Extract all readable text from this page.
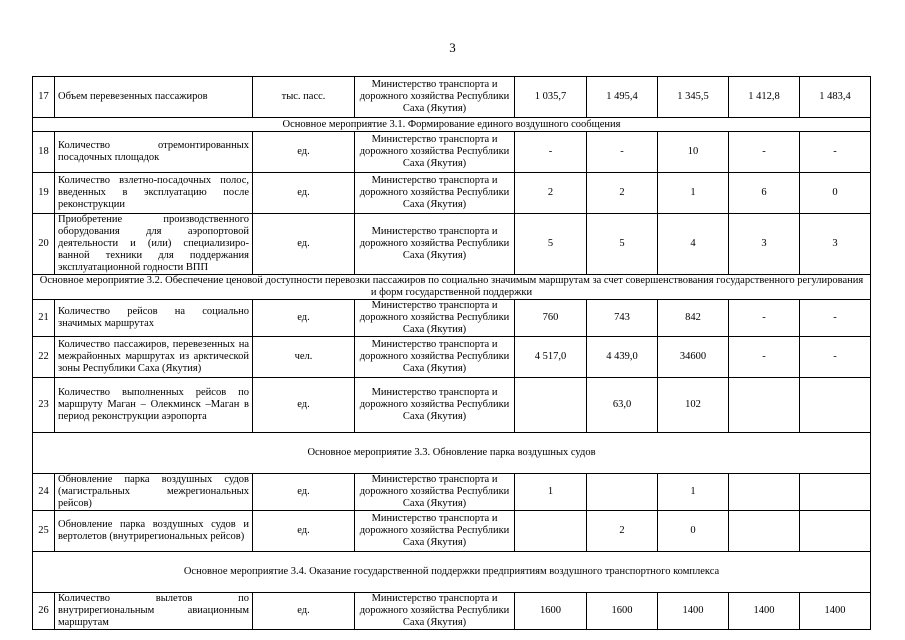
3
17	Объем перевезенных пассажиров	тыс. пасс.	Министерство транспорта и дорожного хозяйства Республики Саха (Якутия)	1 035,7	1 495,4	1 345,5	1 412,8	1 483,4
Основное мероприятие 3.1. Формирование единого воздушного сообщения								
18	Количество отремонтированных посадочных площадок	ед.	Министерство транспорта и дорожного хозяйства Республики Саха (Якутия)	-	-	10	-	-
19	Количество взлетно-посадочных полос, введенных в эксплуатацию после реконструкции	ед.	Министерство транспорта и дорожного хозяйства Республики Саха (Якутия)	2	2	1	6	0
20	Приобретение производственного оборудования для аэропортовой деятельности и (или) специализиро-ванной техники для поддержания эксплуатационной годности ВПП	ед.	Министерство транспорта и дорожного хозяйства Республики Саха (Якутия)	5	5	4	3	3
Основное мероприятие 3.2. Обеспечение ценовой доступности перевозки пассажиров по социально значимым маршрутам за счет совершенствования государственного регулирования и форм государственной поддержки								
21	Количество рейсов на социально значимых маршрутах	ед.	Министерство транспорта и дорожного хозяйства Республики Саха (Якутия)	760	743	842	-	-
22	Количество пассажиров, перевезенных на межрайонных маршрутах из арктической зоны Республики Саха (Якутия)	чел.	Министерство транспорта и дорожного хозяйства Республики Саха (Якутия)	4 517,0	4 439,0	34600	-	-
23	Количество выполненных рейсов по маршруту Маган – Олекминск –Маган в период реконструкции аэропорта	ед.	Министерство транспорта и дорожного хозяйства Республики Саха (Якутия)		63,0	102		
Основное мероприятие 3.3. Обновление парка воздушных судов								
24	Обновление парка воздушных судов (магистральных межрегиональных рейсов)	ед.	Министерство транспорта и дорожного хозяйства Республики Саха (Якутия)	1		1		
25	Обновление парка воздушных судов и вертолетов (внутрирегиональных рейсов)	ед.	Министерство транспорта и дорожного хозяйства Республики Саха (Якутия)		2	0		
Основное мероприятие 3.4. Оказание государственной поддержки предприятиям воздушного транспортного комплекса								
26	Количество вылетов по внутрирегиональным авиационным маршрутам	ед.	Министерство транспорта и дорожного хозяйства Республики Саха (Якутия)	1600	1600	1400	1400	1400
